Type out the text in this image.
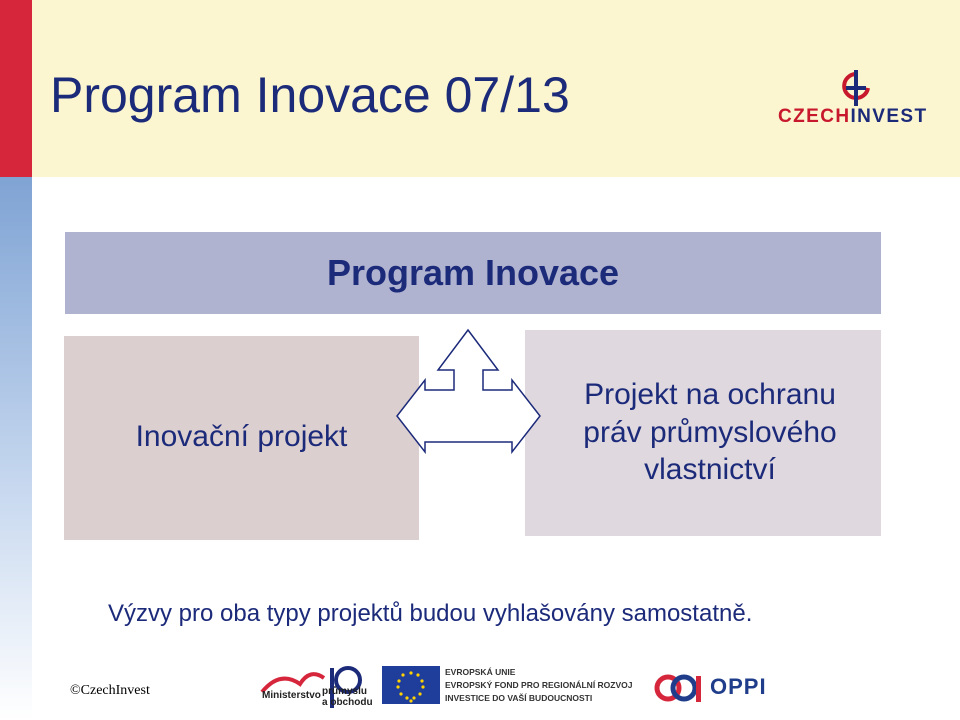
Program Inovace 07/13	CZECHINVEST
Program Inovace
Inovační projekt
Projekt na ochranu
práv průmyslového
vlastnictví
Výzvy pro oba typy projektů budou vyhlašovány samostatně.
©CzechInvest	Ministerstvo průmyslu
a obchodu
EVROPSKÁ UNIE
EVROPSKÝ FOND PRO REGIONÁLNÍ ROZVOJ
INVESTICE DO VAŠÍ BUDOUCNOSTI	OPPI
